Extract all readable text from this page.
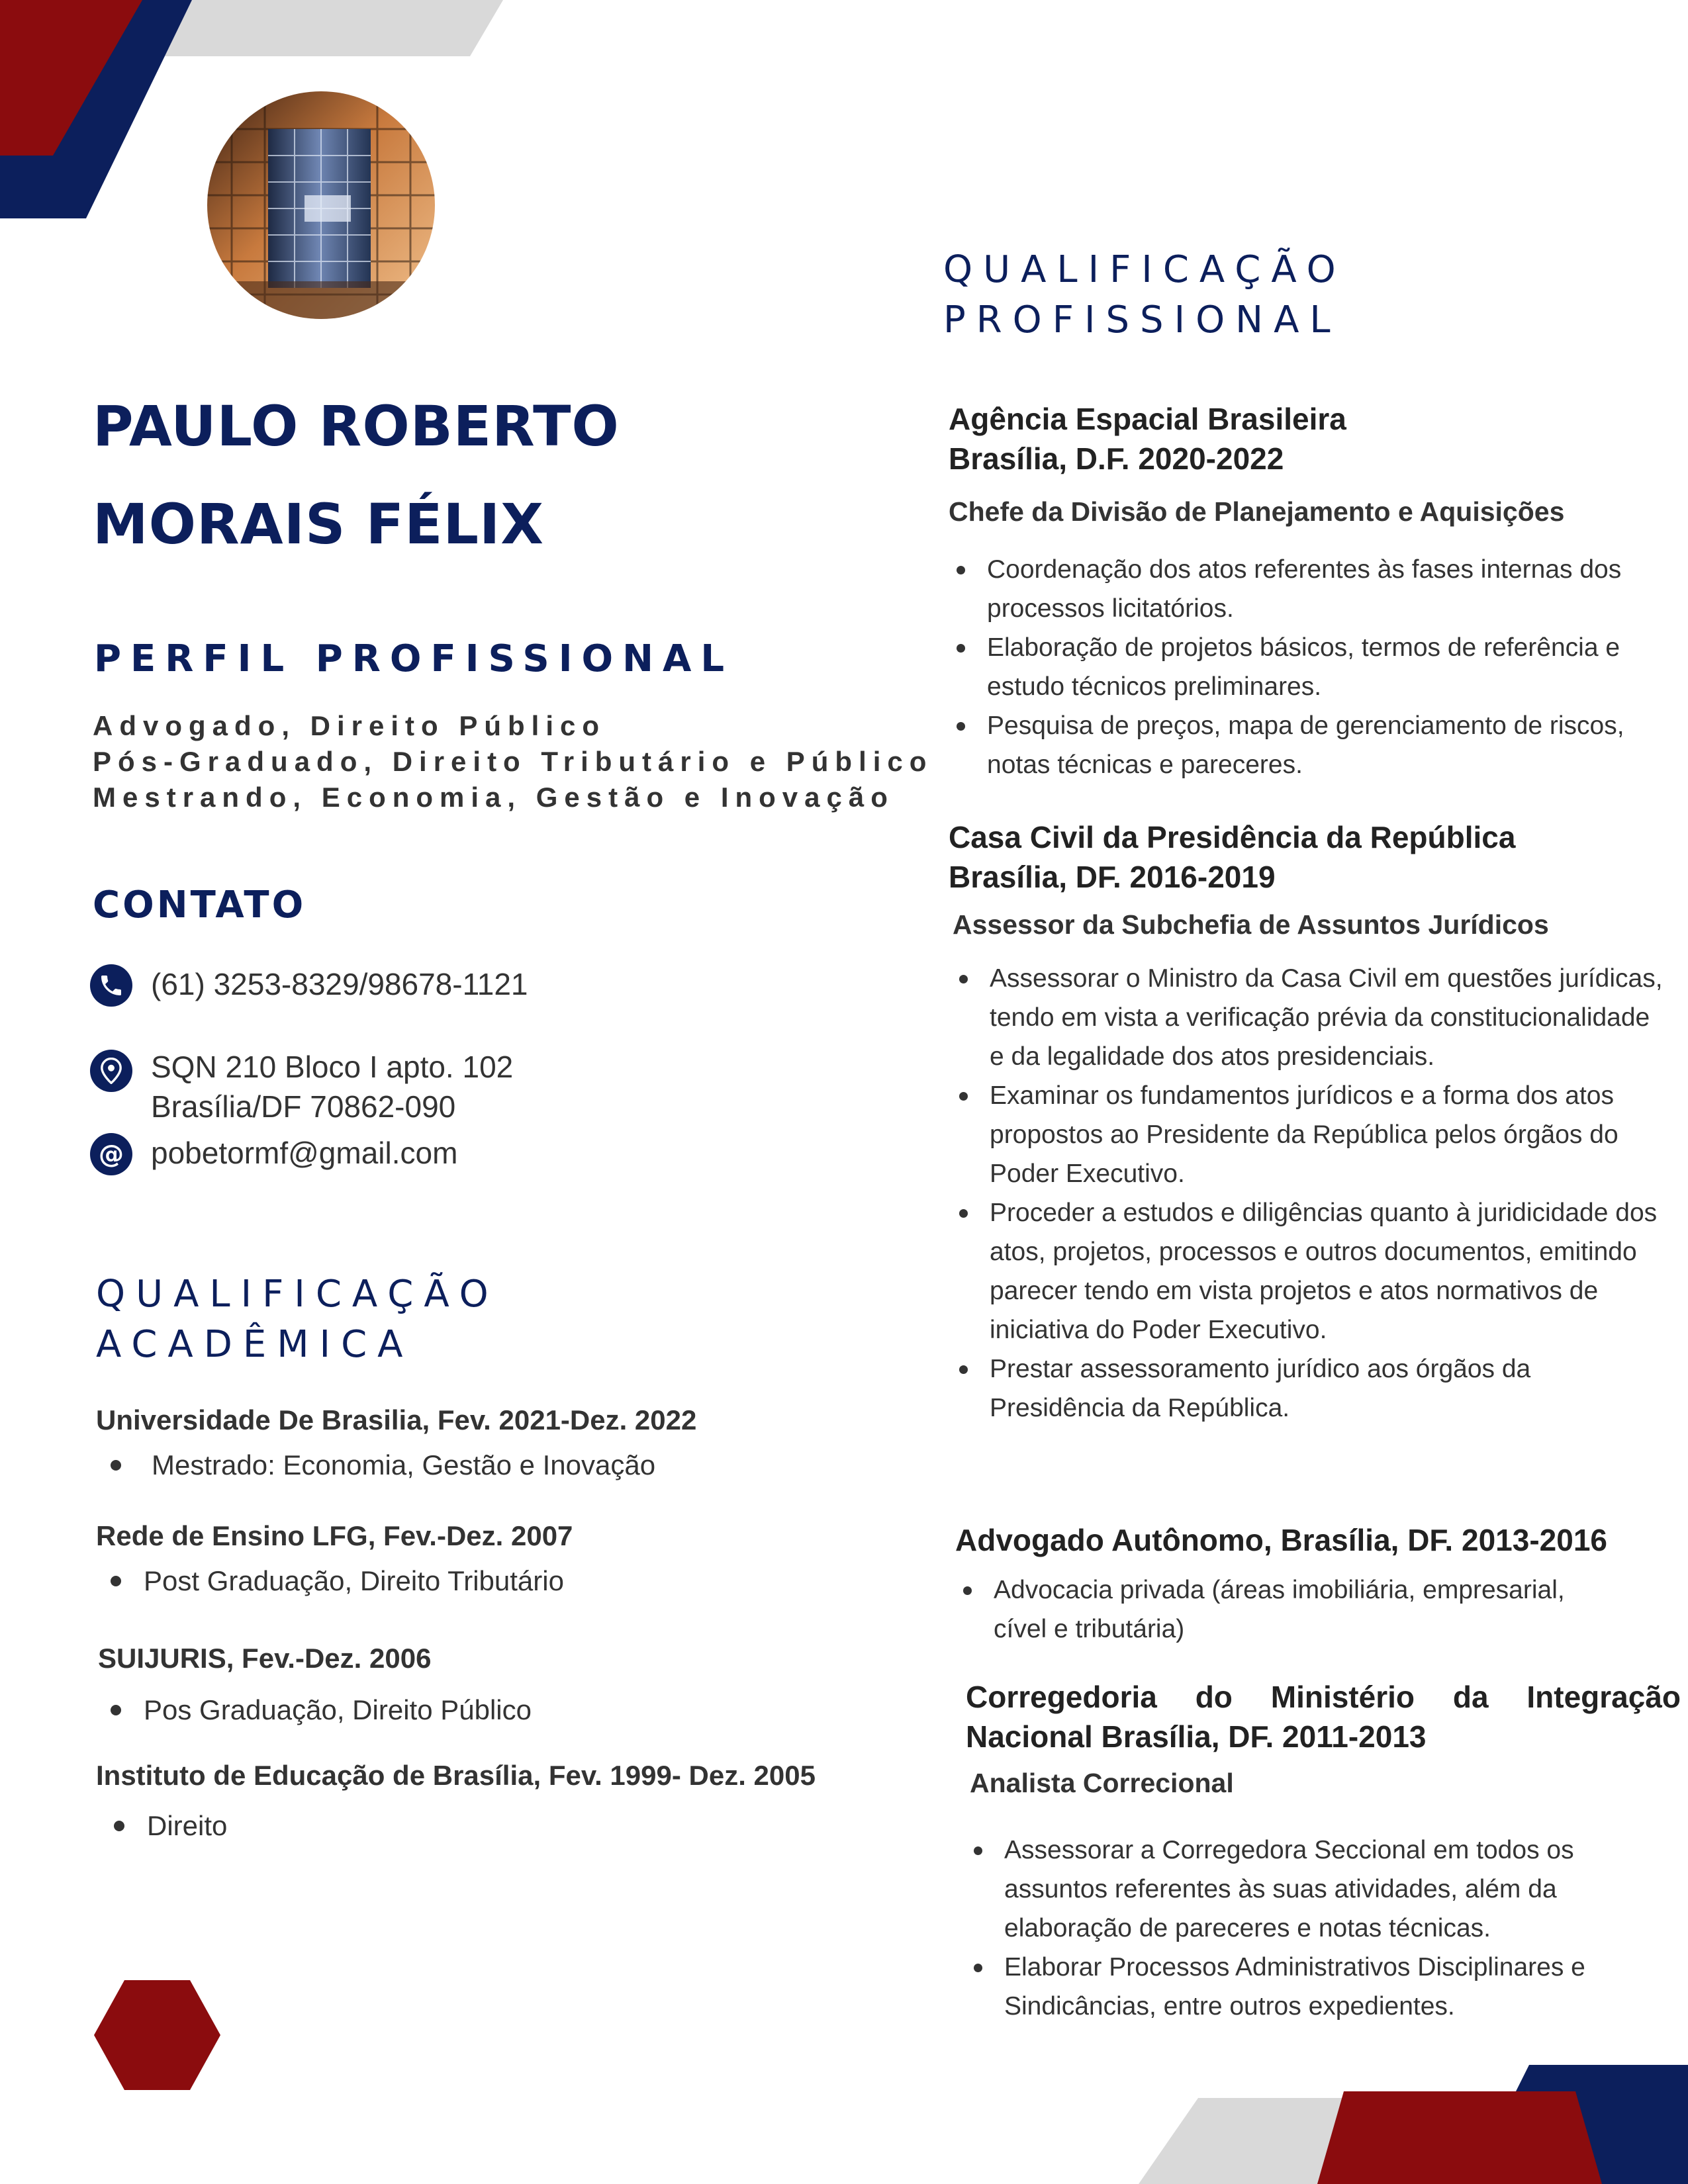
PAULO ROBERTO
MORAIS FÉLIX
PERFIL PROFISSIONAL
Advogado, Direito Público
Pós-Graduado, Direito Tributário e Público
Mestrando, Economia, Gestão e Inovação
CONTATO
(61) 3253-8329/98678-1121
SQN 210 Bloco I apto. 102
Brasília/DF 70862-090
@ pobetormf@gmail.com
QUALIFICAÇÃO
ACADÊMICA
Universidade De Brasilia, Fev. 2021-Dez. 2022
Mestrado: Economia, Gestão e Inovação
Rede de Ensino LFG, Fev.-Dez. 2007
Post Graduação, Direito Tributário
SUIJURIS, Fev.-Dez. 2006
Pos Graduação, Direito Público
Instituto de Educação de Brasília, Fev. 1999- Dez. 2005
Direito
QUALIFICAÇÃO
PROFISSIONAL
Agência Espacial Brasileira
Brasília, D.F. 2020-2022
Chefe da Divisão de Planejamento e Aquisições
Coordenação dos atos referentes às fases internas dos processos licitatórios.
Elaboração de projetos básicos, termos de referência e estudo técnicos preliminares.
Pesquisa de preços, mapa de gerenciamento de riscos, notas técnicas e pareceres.
Casa Civil da Presidência da República
Brasília, DF. 2016-2019
Assessor da Subchefia de Assuntos Jurídicos
Assessorar o Ministro da Casa Civil em questões jurídicas, tendo em vista a verificação prévia da constitucionalidade e da legalidade dos atos presidenciais.
Examinar os fundamentos jurídicos e a forma dos atos propostos ao Presidente da República pelos órgãos do Poder Executivo.
Proceder a estudos e diligências quanto à juridicidade dos atos, projetos, processos e outros documentos, emitindo parecer tendo em vista projetos e atos normativos de iniciativa do Poder Executivo.
Prestar assessoramento jurídico aos órgãos da Presidência da República.
Advogado Autônomo, Brasília, DF. 2013-2016
Advocacia privada (áreas imobiliária, empresarial, cível e tributária)
Corregedoria do Ministério da Integração
Nacional Brasília, DF. 2011-2013
Analista Correcional
Assessorar a Corregedora Seccional em todos os assuntos referentes às suas atividades, além da elaboração de pareceres e notas técnicas.
Elaborar Processos Administrativos Disciplinares e Sindicâncias, entre outros expedientes.
